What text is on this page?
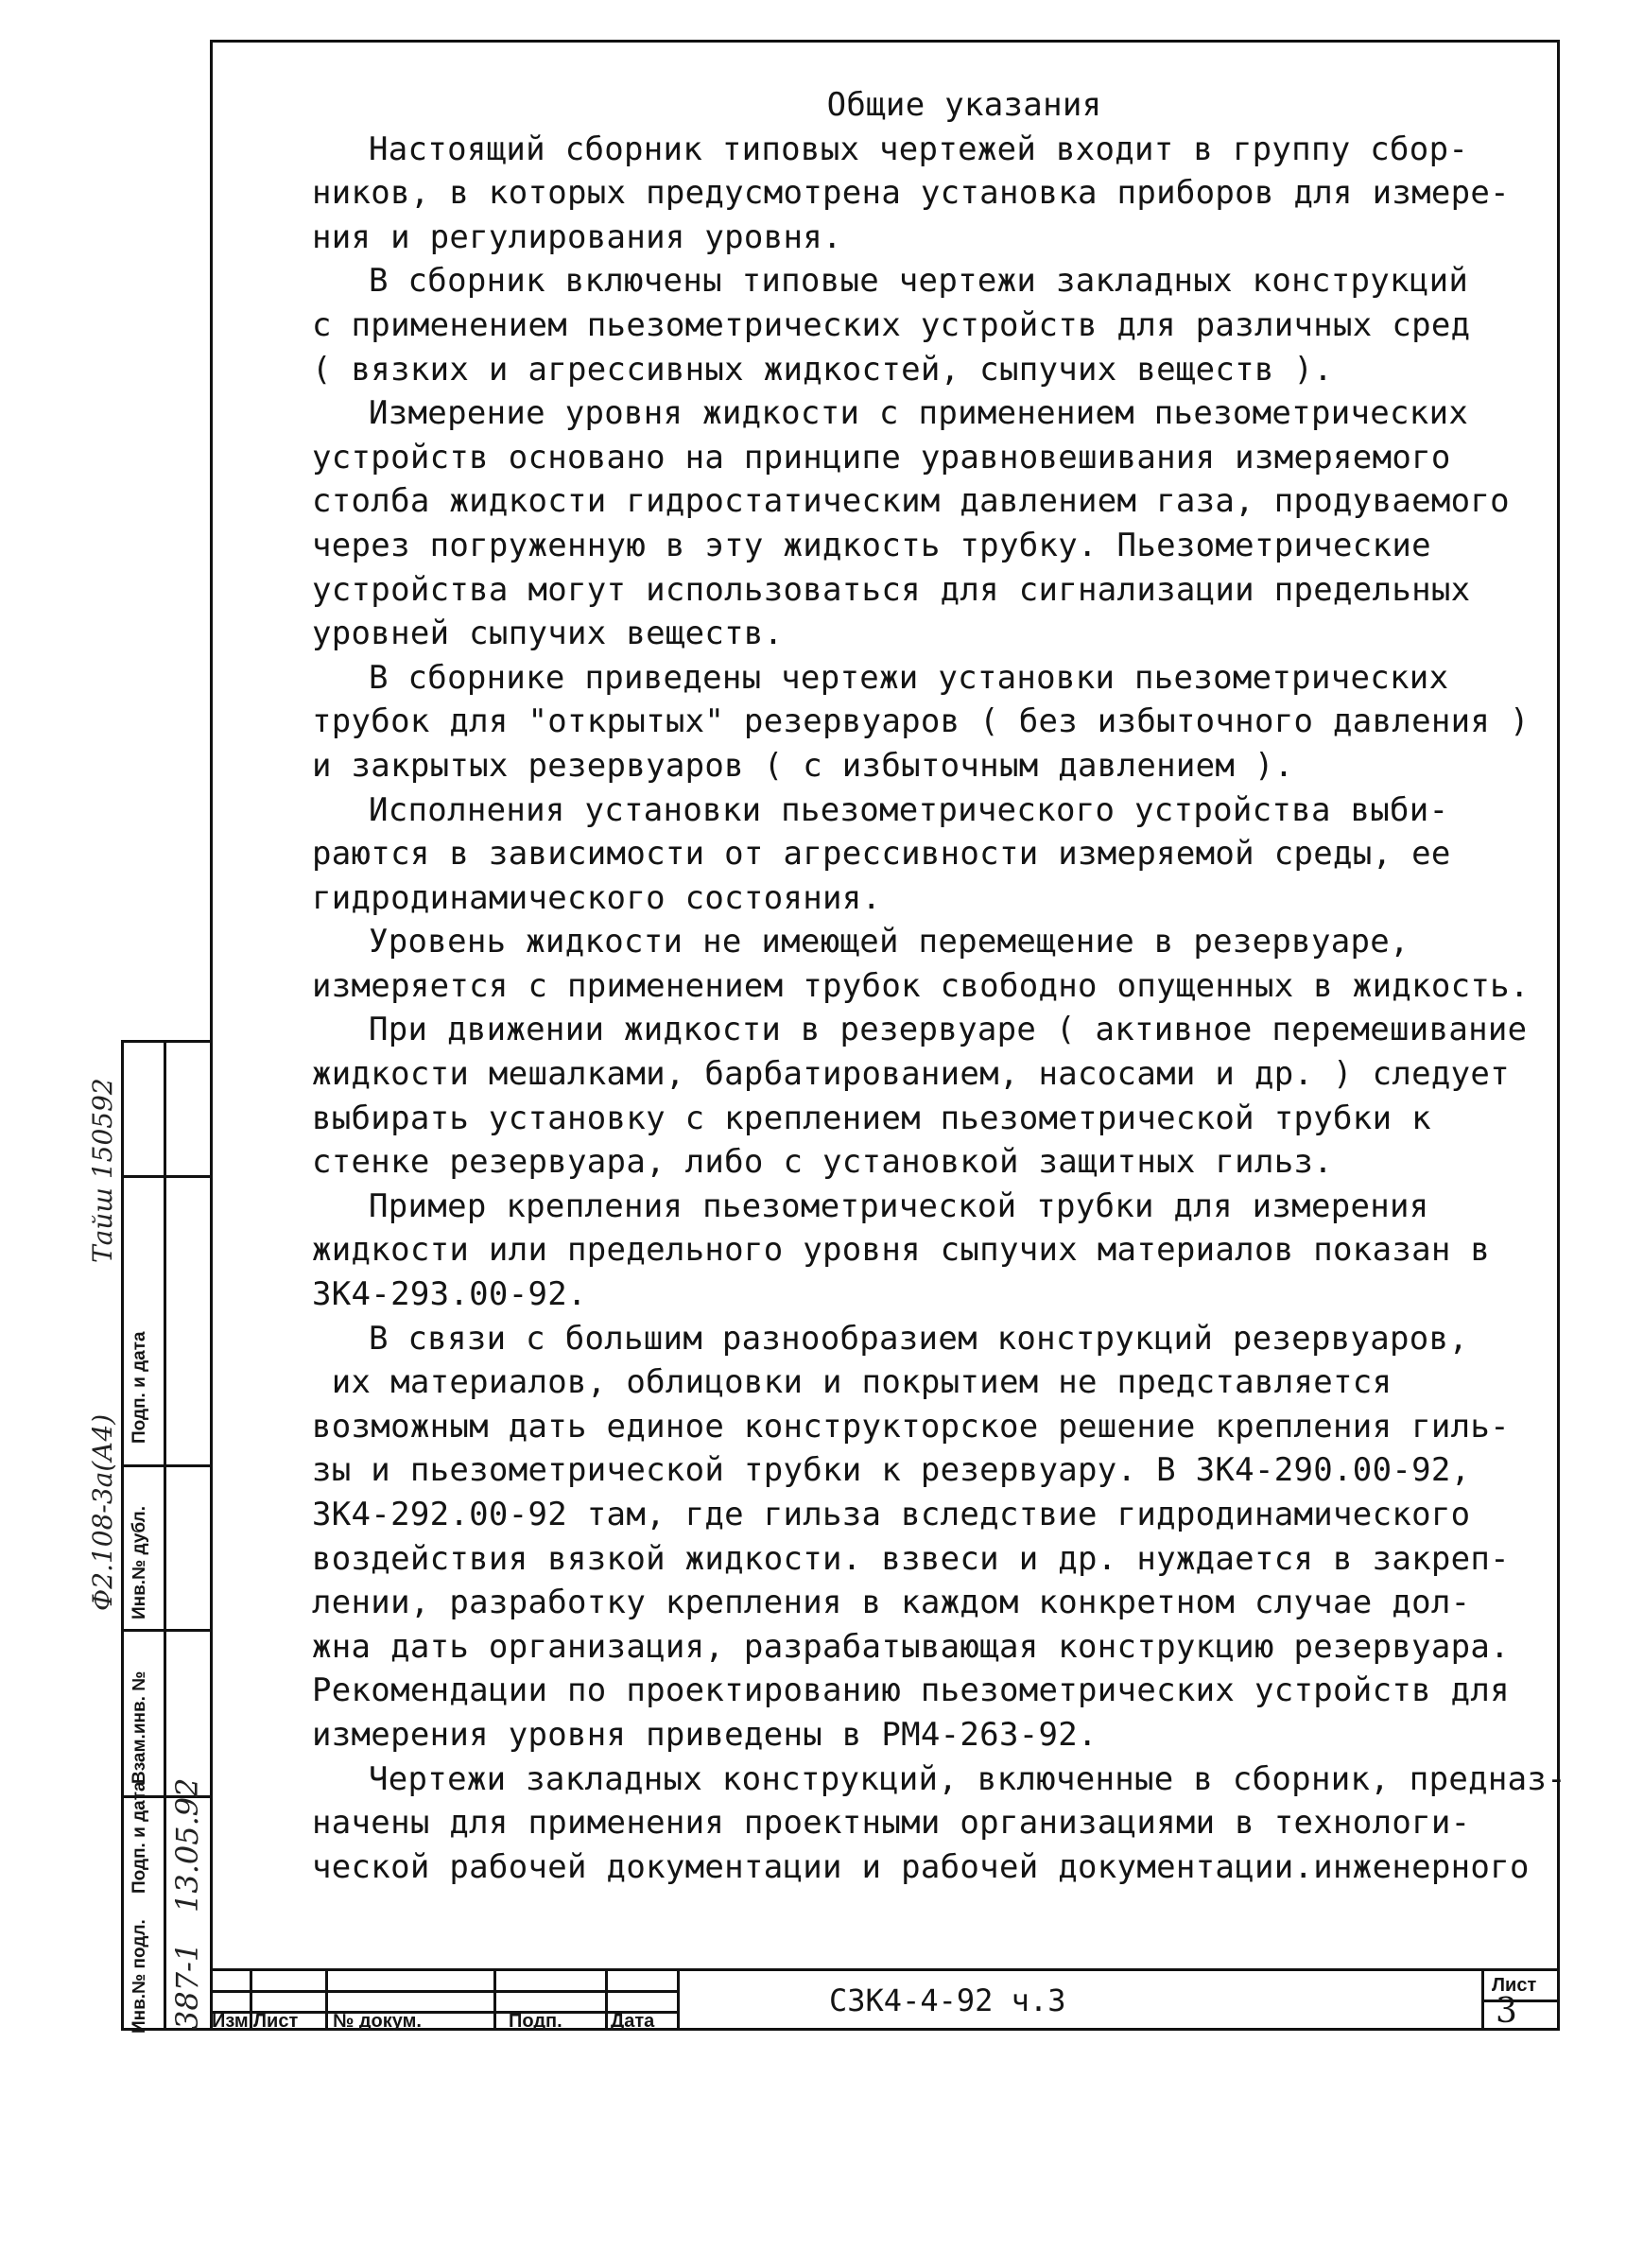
Общие указания
Настоящий сборник типовых чертежей входит в группу сбор-
ников, в которых предусмотрена установка приборов для измере-
ния и регулирования уровня.
В сборник включены типовые чертежи закладных конструкций
с применением пьезометрических устройств для различных сред
( вязких и агрессивных жидкостей, сыпучих веществ ).
Измерение уровня жидкости с применением пьезометрических
устройств основано на принципе уравновешивания измеряемого
столба жидкости гидростатическим давлением газа, продуваемого
через погруженную в эту жидкость трубку. Пьезометрические
устройства могут использоваться для сигнализации предельных
уровней сыпучих веществ.
В сборнике приведены чертежи установки пьезометрических
трубок для "открытых" резервуаров ( без избыточного давления )
и закрытых резервуаров ( с избыточным давлением ).
Исполнения установки пьезометрического устройства выби-
раются в зависимости от агрессивности измеряемой среды, ее
гидродинамического состояния.
Уровень жидкости не имеющей перемещение в резервуаре,
измеряется с применением трубок свободно опущенных в жидкость.
При движении жидкости в резервуаре ( активное перемешивание
жидкости мешалками, барбатированием, насосами и др. ) следует
выбирать установку с креплением пьезометрической трубки к
стенке резервуара, либо с установкой защитных гильз.
Пример крепления пьезометрической трубки для измерения
жидкости или предельного уровня сыпучих материалов показан в
ЗК4-293.00-92.
В связи с большим разнообразием конструкций резервуаров,
их материалов, облицовки и покрытием не представляется
возможным дать единое конструкторское решение крепления гиль-
зы и пьезометрической трубки к резервуару. В ЗК4-290.00-92,
ЗК4-292.00-92 там, где гильза вследствие гидродинамического
воздействия вязкой жидкости. взвеси и др. нуждается в закреп-
лении, разработку крепления в каждом конкретном случае дол-
жна дать организация, разрабатывающая конструкцию резервуара.
Рекомендации по проектированию пьезометрических устройств для
измерения уровня приведены в РМ4-263-92.
Чертежи закладных конструкций, включенные в сборник, предназ-
начены для применения проектными организациями в технологи-
ческой рабочей документации и рабочей документации.инженерного
Инв.№ подл.
Подп. и дата
Взам.инв. №
Инв.№ дубл.
Подп. и дата
387-1
13.05.92
Ф2.108-3а(А4)
Тайш 150592
Изм Лист № докум.	Подп.	Дата
СЗК4-4-92 ч.3	Лист
3
